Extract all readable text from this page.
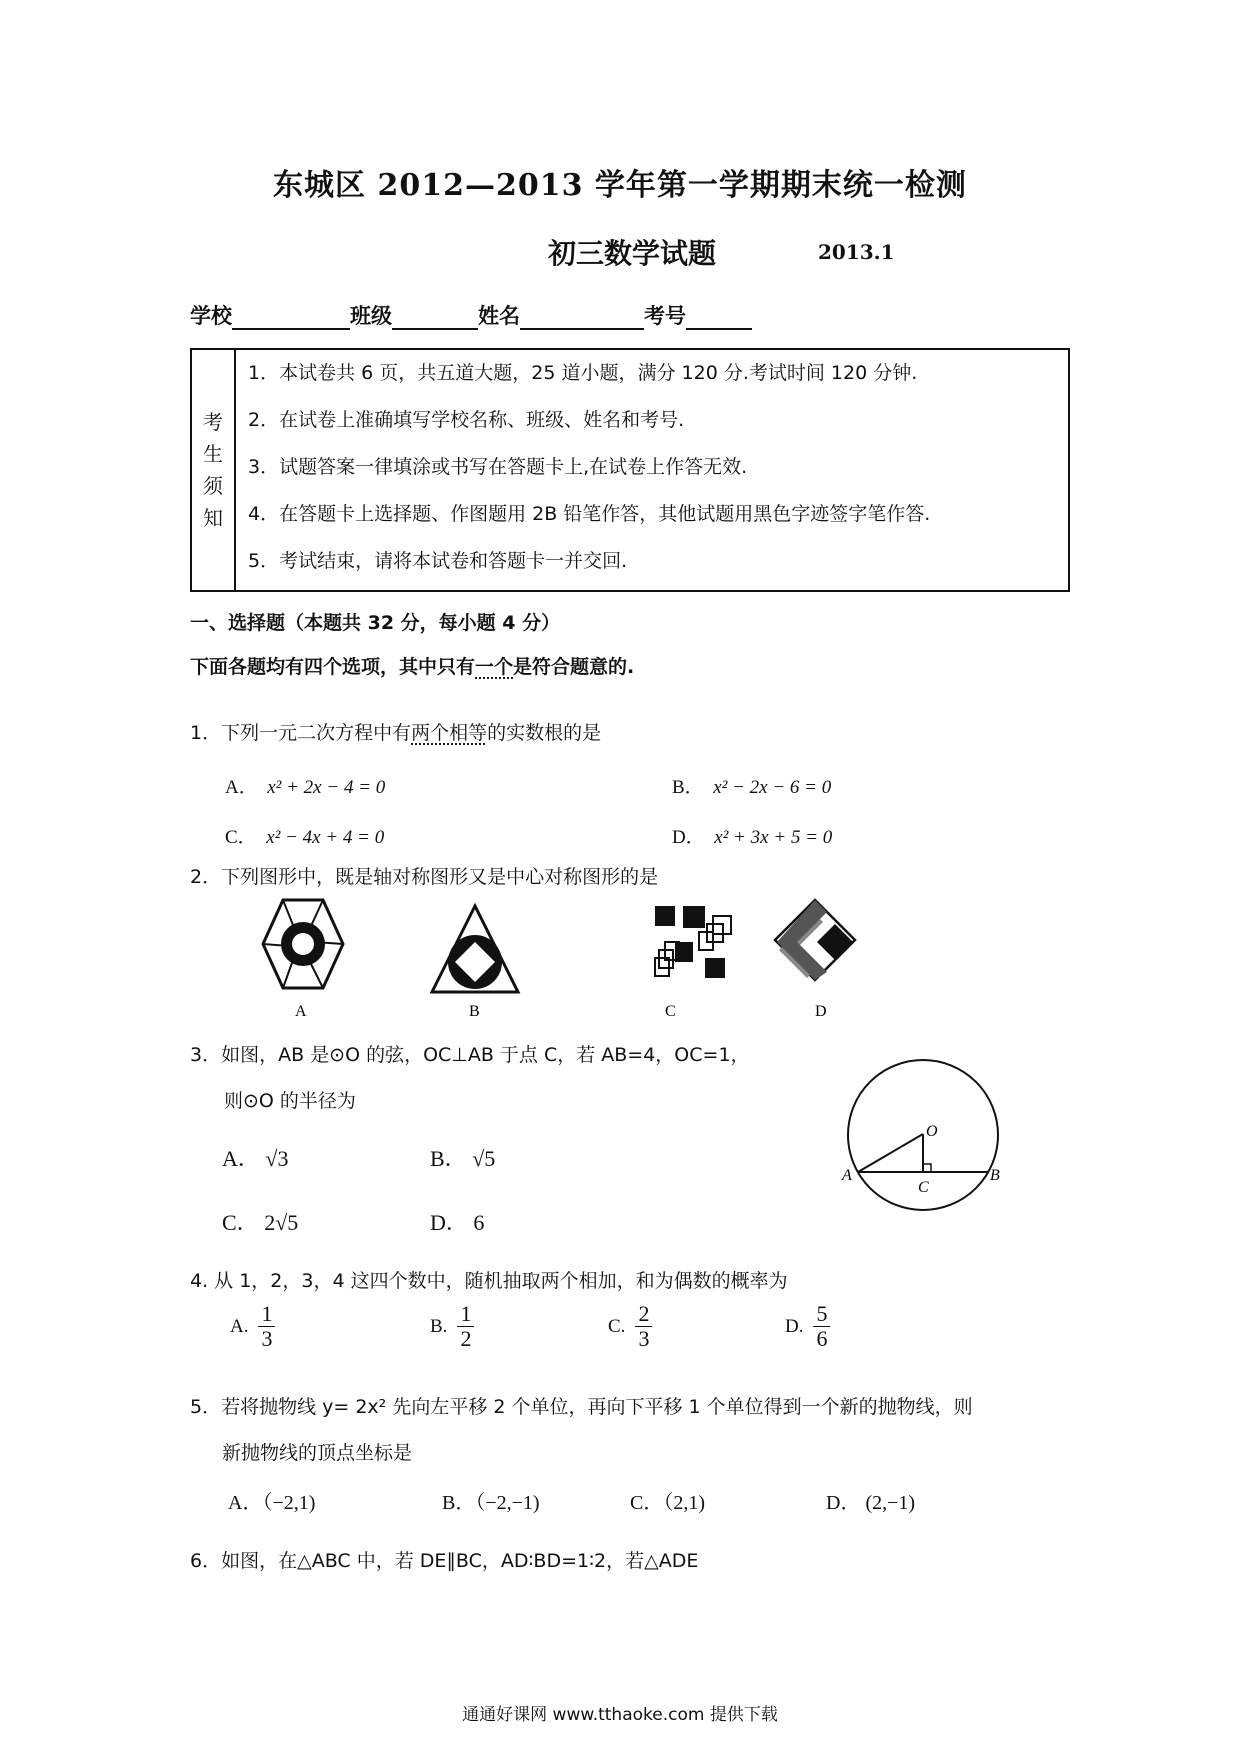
东城区 2012—2013 学年第一学期期末统一检测
初三数学试题	2013.1
学校	班级	姓名	考号
考
生
须
知
1．本试卷共 6 页，共五道大题，25 道小题，满分 120 分.考试时间 120 分钟.
2．在试卷上准确填写学校名称、班级、姓名和考号.
3．试题答案一律填涂或书写在答题卡上,在试卷上作答无效.
4．在答题卡上选择题、作图题用 2B 铅笔作答，其他试题用黑色字迹签字笔作答.
5．考试结束，请将本试卷和答题卡一并交回.
一、选择题（本题共 32 分，每小题 4 分）
下面各题均有四个选项，其中只有一个是符合题意的.
1．下列一元二次方程中有两个相等的实数根的是
A． x² + 2x − 4 = 0	B． x² − 2x − 6 = 0
C． x² − 4x + 4 = 0	D． x² + 3x + 5 = 0
2．下列图形中，既是轴对称图形又是中心对称图形的是
A	B	C	D
3．如图，AB 是⊙O 的弦，OC⊥AB 于点 C，若 AB=4，OC=1，
则⊙O 的半径为
A． √3	B． √5
C． 2√5	D． 6
O
A
C
B
4. 从 1，2，3，4 这四个数中，随机抽取两个相加，和为偶数的概率为
A. $\frac{1}{3}$	B. $\frac{1}{2}$	C. $\frac{2}{3}$	D. $\frac{5}{6}$
5．若将抛物线 y= 2x² 先向左平移 2 个单位，再向下平移 1 个单位得到一个新的抛物线，则
新抛物线的顶点坐标是
A．（−2,1)	B．（−2,−1)	C．（2,1)	D． (2,−1)
6．如图，在△ABC 中，若 DE∥BC，AD∶BD=1∶2，若△ADE
通通好课网 www.tthaoke.com 提供下载
